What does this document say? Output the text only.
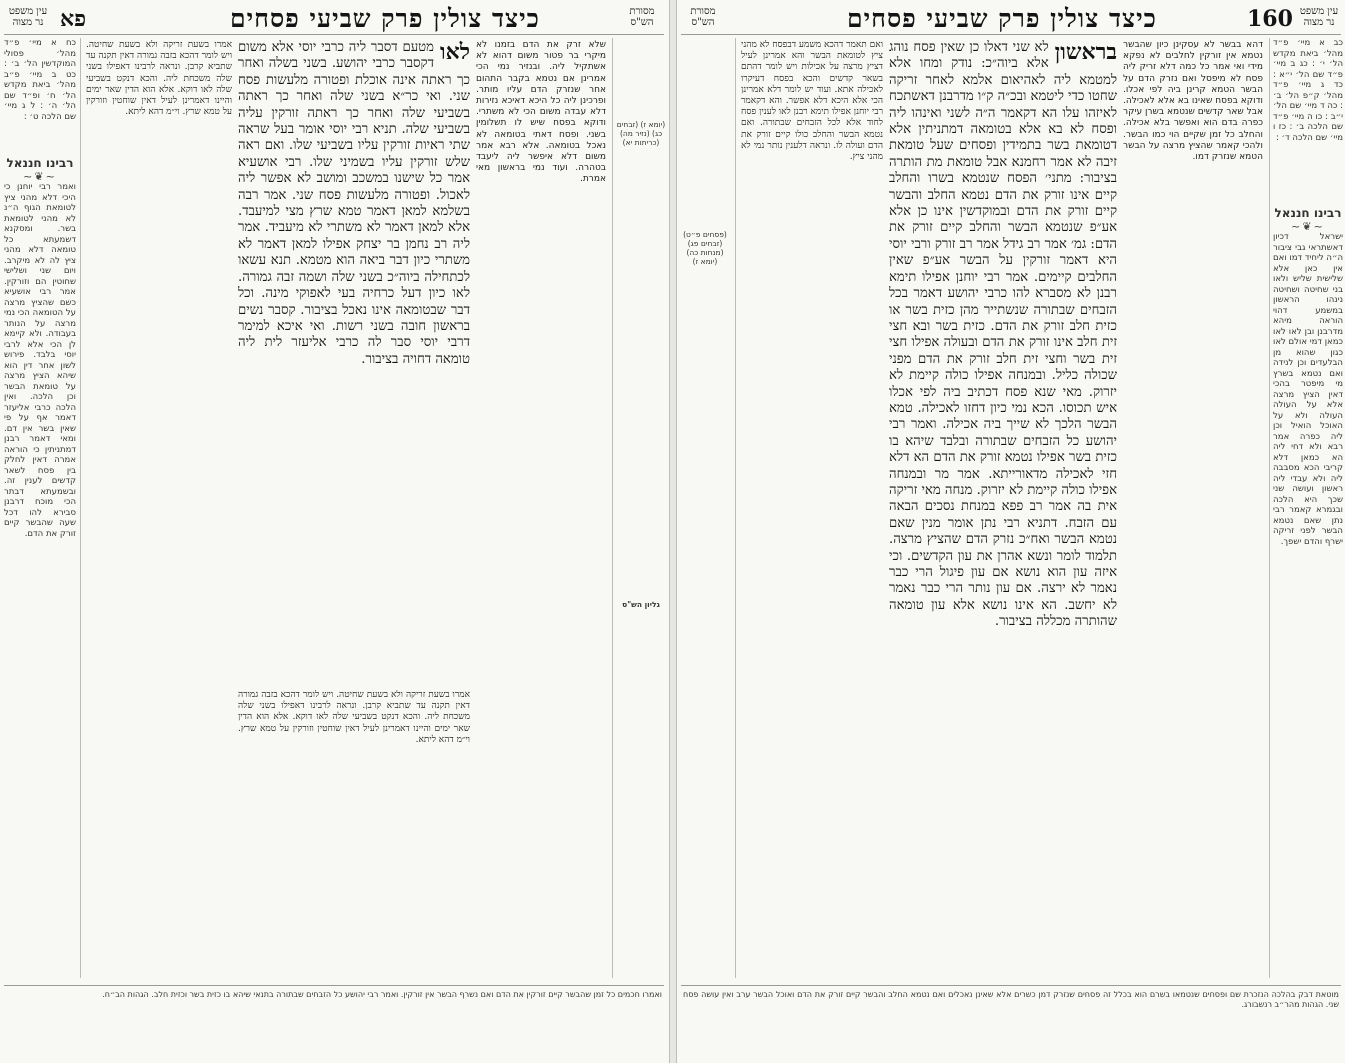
מסורת הש"ס	כיצד צולין פרק שביעי פסחים	160 עין משפט נר מצוה

כב א מיי׳ פ״ד מהל׳ ביאת מקדש הל׳ י׳ : כג ב מיי׳ פ״ד שם הל׳ י״א : כד ג מיי׳ פ״ד מהל׳ ק״פ הל׳ ב׳ : כה ד מיי׳ שם הל׳ י״ב : כו ה מיי׳ פ״ד שם הלכה ב׳ : כז ו מיי׳ שם הלכה ד׳ :

רבינו חננאל
~❦~

ישראל דכיון דאשתראי גבי ציבור ה״ה ליחיד דמו ואם אין כאן אלא שלישית שליש ולאו בני שחיטה ושחיטה נינהו הראשון במשמע דהוי הוראה מיהא מדרבנן ובן לאו לאו כמאן דמי אולם לאו כגון שהוא מן הבלעדים וכן לנידה ואם נטמא בשרץ מי מיפטר בהכי דאין הציץ מרצה אלא על העולה העולה ולא על האוכל הואיל וכן ליה כפרה אמר רבא ולא דחי ליה הא כמאן דלא קריבי הכא מסבבה ליה ולא עבדי ליה ראשון ועושה שני שכך היא הלכה ובגמרא קאמר רבי נתן שאם נטמא הבשר לפני זריקה ישרף והדם ישפך.

דהא בבשר לא עסקינן כיון שהבשר נטמא אין זורקין לחלבים לא נפקא מידי ואי אמר כל כמה דלא זריק ליה פסח לא מיפסל ואם נזרק הדם על הבשר הטמא קרינן ביה לפי אכלו. ודוקא בפסח שאינו בא אלא לאכילה. אבל שאר קדשים שנטמא בשרן עיקר כפרה בדם הוא ואפשר בלא אכילה. והחלב כל זמן שקיים הוי כמו הבשר. ולהכי קאמר שהציץ מרצה על הבשר הטמא שנזרק דמו.

בראשון
לא שני דאלו כן שאין פסח נוהג אלא ביוה״כ: נודק ומחו אלא למטמא ליה לאהיאום אלמא לאחר זריקה שחטו כדי ליטמא ובכ״ה ק״ו מדרבנן דאשתכח לאיזהו עלו הא דקאמר ה״ה לשני ואינהו ליה ופסח לא בא אלא בטומאה דמתניתין אלא דטומאת בשר בתמידין ופסחים שעל טומאת זיבה לא אמר רחמנא אבל טומאת מת הותרה בציבור: מתני׳ הפסח שנטמא בשרו והחלב קיים אינו זורק את הדם נטמא החלב והבשר קיים זורק את הדם ובמוקדשין אינו כן אלא אע״פ שנטמא הבשר והחלב קיים זורק את הדם: גמ׳ אמר רב גידל אמר רב זורק ורבי יוסי היא דאמר זורקין על הבשר אע״פ שאין החלבים קיימים. אמר רבי יוחנן אפילו תימא רבנן לא מסברא להו כרבי יהושע דאמר בכל הזבחים שבתורה שנשתייר מהן כזית בשר או כזית חלב זורק את הדם. כזית בשר ובא חצי זית חלב אינו זורק את הדם ובעולה אפילו חצי זית בשר וחצי זית חלב זורק את הדם מפני שכולה כליל. ובמנחה אפילו כולה קיימת לא יזרוק. מאי שנא פסח דכתיב ביה לפי אכלו איש תכוסו. הכא נמי כיון דחזו לאכילה. טמא הבשר הלכך לא שייך ביה אכילה. ואמר רבי יהושע כל הזבחים שבתורה ובלבד שיהא בו כזית בשר אפילו נטמא זורק את הדם הא דלא חזי לאכילה מדאורייתא. אמר מר ובמנחה אפילו כולה קיימת לא יזרוק. מנחה מאי זריקה אית בה אמר רב פפא במנחת נסכים הבאה עם הזבח. דתניא רבי נתן אומר מנין שאם נטמא הבשר ואח״כ נזרק הדם שהציץ מרצה. תלמוד לומר ונשא אהרן את עון הקדשים. וכי איזה עון הוא נושא אם עון פיגול הרי כבר נאמר לא ירצה. אם עון נותר הרי כבר נאמר לא יחשב. הא אינו נושא אלא עון טומאה שהותרה מכללה בציבור.

ואם תאמר דהכא משמע דבפסח לא מהני ציץ לטומאת הבשר והא אמרינן לעיל דציץ מרצה על אכילות ויש לומר דהתם בשאר קדשים והכא בפסח דעיקרו לאכילה אתא. ועוד יש לומר דלא אמרינן הכי אלא היכא דלא אפשר. והא דקאמר רבי יוחנן אפילו תימא רבנן לאו לענין פסח לחוד אלא לכל הזבחים שבתורה. ואם נטמא הבשר והחלב כולו קיים זורק את הדם ועולה לו. ונראה דלענין נותר נמי לא מהני ציץ.

(פסחים פ״ט) (זבחים פג) (מנחות כה) (יומא ז)

מוטאת דבק בהלכה הנזכרת שם ופסחים שנטמאו בשרם הוא בכלל זה פסחים שנזרק דמן כשרים אלא שאינן נאכלים ואם נטמא החלב והבשר קיים זורק את הדם ואוכל הבשר ערב ואין עושה פסח שני. הגהות מהר״ב רנשבורג.

עין משפט נר מצוה פא	כיצד צולין פרק שביעי פסחים	מסורת הש"ס

כח א מיי׳ פ״ד מהל׳ פסולי המוקדשין הל׳ ב׳ : כט ב מיי׳ פ״ב מהל׳ ביאת מקדש הל׳ ח׳ ופ״ד שם הל׳ ה׳ : ל ג מיי׳ שם הלכה ט׳ :

רבינו חננאל
~❦~

ואמר רבי יוחנן כי היכי דלא מהני ציץ לטומאת הגוף ה״נ לא מהני לטומאת בשר. ומסקנא דשמעתא כל טומאה דלא מהני ציץ לה לא מיקרב. ויום שני ושלישי שחוטין הם וזורקין. אמר רבי אושעיא כשם שהציץ מרצה על הטומאה הכי נמי מרצה על הנותר בעבודה. ולא קיימא לן הכי אלא לרבי יוסי בלבד. פירוש לשון אחר דין הוא שיהא הציץ מרצה על טומאת הבשר וכן הלכה. ואין הלכה כרבי אליעזר דאמר אף על פי שאין בשר אין דם. ומאי דאמר רבנן דמתניתין כי הוראה אמרה דאין לחלק בין פסח לשאר קדשים לענין זה. ובשמעתא דבתר הכי מוכח דרבנן סבירא להו דכל שעה שהבשר קיים זורק את הדם.

אמרו בשעת זריקה ולא בשעת שחיטה. ויש לומר דהכא בזבה גמורה דאין תקנה עד שתביא קרבן. ונראה לרבינו דאפילו בשני שלה משכחת ליה. והכא דנקט בשביעי שלה לאו דוקא. אלא הוא הדין שאר ימים והיינו דאמרינן לעיל דאין שוחטין וזורקין על טמא שרץ. וי״מ דהא ליתא.

לאו
מטעם דסבר ליה כרבי יוסי אלא משום דקסבר כרבי יהושע. בשני בשלה ואחר כך ראתה אינה אוכלת ופטורה מלעשות פסח שני. ואי כר״א בשני שלה ואחר כך ראתה בשביעי שלה ואחר כך ראתה זורקין עליה בשביעי שלה. תניא רבי יוסי אומר בעל שראה שתי ראיות זורקין עליו בשביעי שלו. ואם ראה שלש זורקין עליו בשמיני שלו. רבי אושעיא אמר כל שישנו במשכב ומושב לא אפשר ליה לאכול. ופטורה מלעשות פסח שני. אמר רבה בשלמא למאן דאמר טמא שרץ מצי למיעבד. אלא למאן דאמר לא משתרי לא מיעביד. אמר ליה רב נחמן בר יצחק אפילו למאן דאמר לא משתרי כיון דבר ביאה הוא מטמא. תנא עשאו לכתחילה ביוה״כ בשני שלה ושמה זבה גמורה. לאו כיון דעל כרחיה בעי לאפוקי מינה. וכל דבר שבטומאה אינו נאכל בציבור. קסבר נשים בראשון חובה בשני רשות. ואי איכא למימר דרבי יוסי סבר לה כרבי אליעזר לית ליה טומאה דחויה בציבור.

אמרו בשעת זריקה ולא בשעת שחיטה. ויש לומר דהכא בזבה גמורה דאין תקנה עד שתביא קרבן. ונראה לרבינו דאפילו בשני שלה משכחת ליה. והכא דנקט בשביעי שלה לאו דוקא. אלא הוא הדין שאר ימים והיינו דאמרינן לעיל דאין שוחטין וזורקין על טמא שרץ. וי״מ דהא ליתא.

שלא זרק את הדם בזמנו לא מיקרי בר פטור משום דהוא לא אשתקיל ליה. ובנזיר נמי הכי אמרינן אם נטמא בקבר התהום אחר שנזרק הדם עליו מותר. ופרכינן ליה כל היכא דאיכא נזירות דלא עבדה משום הכי לא משתרי. ודוקא בפסח שיש לו תשלומין בשני. ופסח דאתי בטומאה לא נאכל בטומאה. אלא רבא אמר משום דלא איפשר ליה ליעבד בטהרה. ועוד נמי בראשון מאי אמרת.

(יומא ז) (זבחים כג) (נזיר מה) (כריתות יא)
גליון הש"ס

ואמרו חכמים כל זמן שהבשר קיים זורקין את הדם ואם נשרף הבשר אין זורקין. ואמר רבי יהושע כל הזבחים שבתורה בתנאי שיהא בו כזית בשר וכזית חלב. הגהות הב״ח.
